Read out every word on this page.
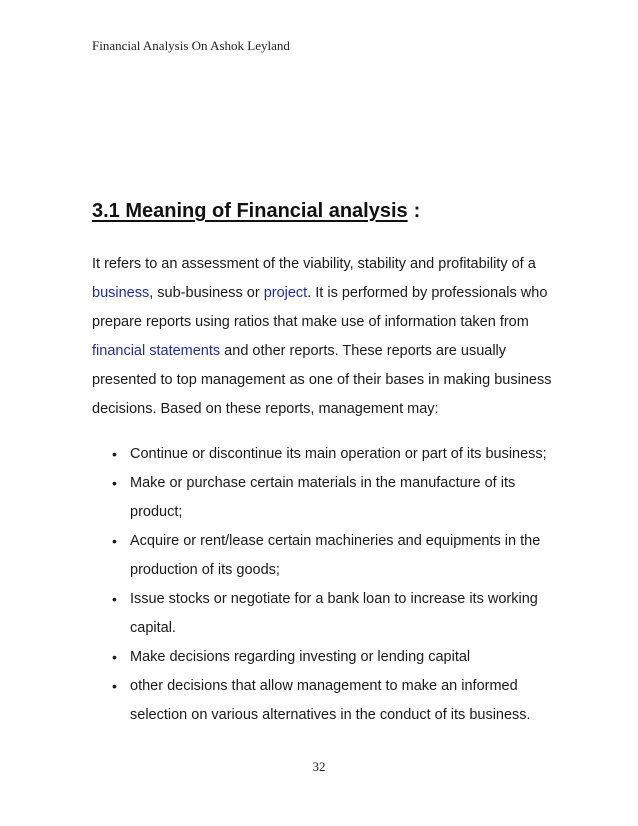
Financial Analysis On Ashok Leyland
3.1 Meaning of Financial analysis :

It refers to an assessment of the viability, stability and profitability of a business, sub-business or project. It is performed by professionals who prepare reports using ratios that make use of information taken from financial statements and other reports. These reports are usually presented to top management as one of their bases in making business decisions. Based on these reports, management may:

• Continue or discontinue its main operation or part of its business;
• Make or purchase certain materials in the manufacture of its product;
• Acquire or rent/lease certain machineries and equipments in the production of its goods;
• Issue stocks or negotiate for a bank loan to increase its working capital.
• Make decisions regarding investing or lending capital
• other decisions that allow management to make an informed selection on various alternatives in the conduct of its business.
32
